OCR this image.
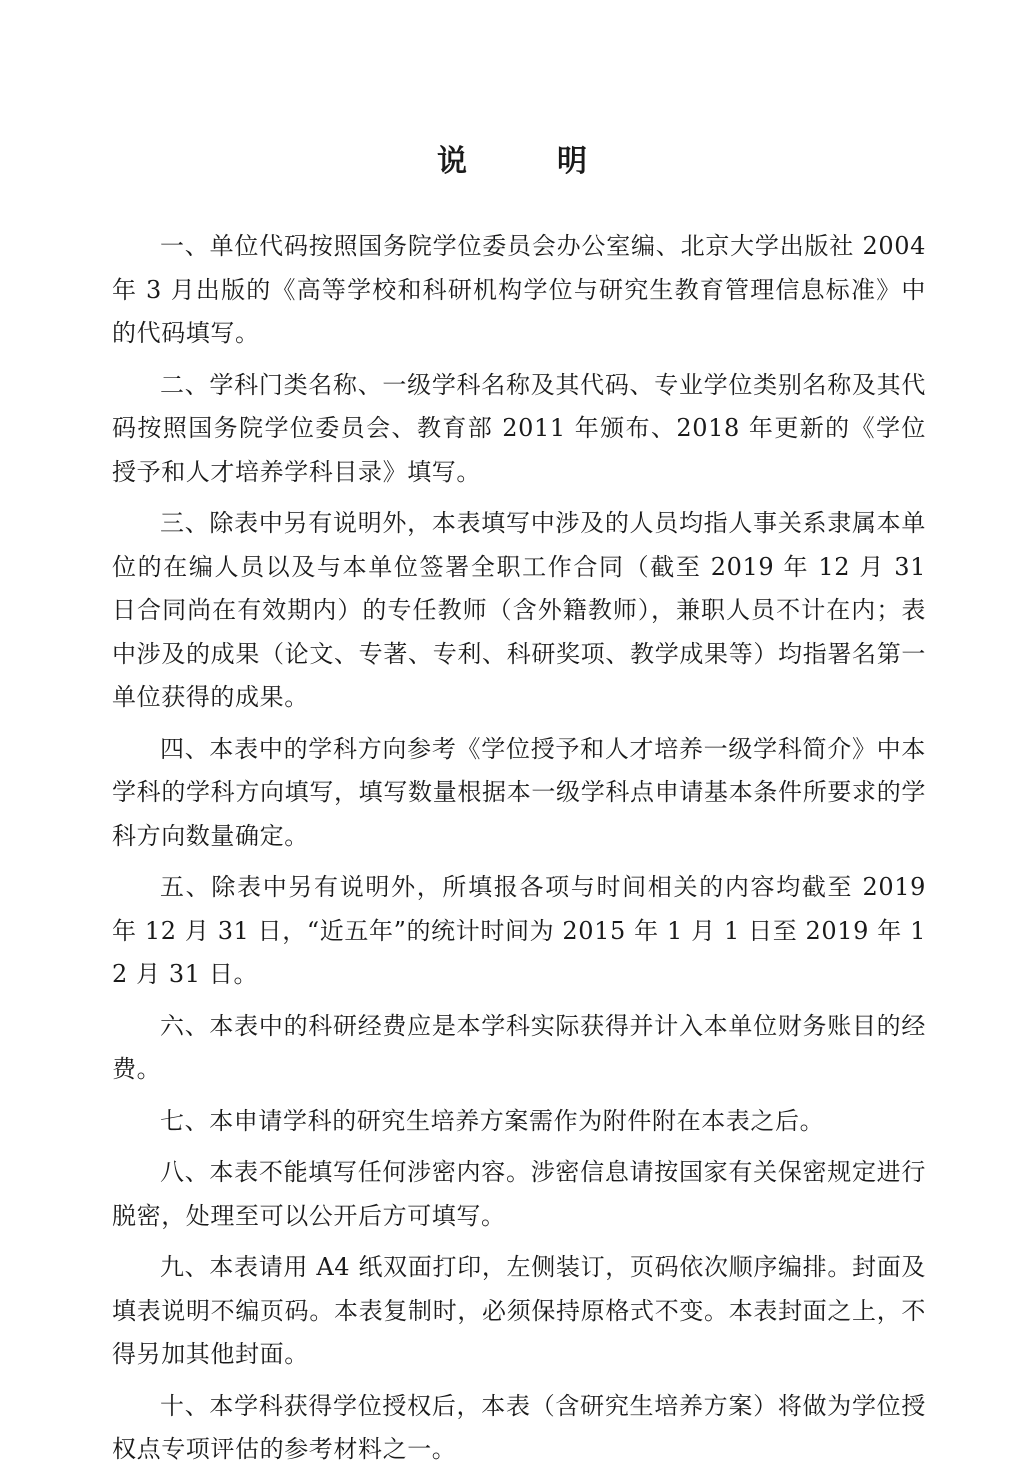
说　明

一、单位代码按照国务院学位委员会办公室编、北京大学出版社 2004 年 3 月出版的《高等学校和科研机构学位与研究生教育管理信息标准》中的代码填写。

二、学科门类名称、一级学科名称及其代码、专业学位类别名称及其代码按照国务院学位委员会、教育部 2011 年颁布、2018 年更新的《学位授予和人才培养学科目录》填写。

三、除表中另有说明外，本表填写中涉及的人员均指人事关系隶属本单位的在编人员以及与本单位签署全职工作合同（截至 2019 年 12 月 31 日合同尚在有效期内）的专任教师（含外籍教师），兼职人员不计在内；表中涉及的成果（论文、专著、专利、科研奖项、教学成果等）均指署名第一单位获得的成果。

四、本表中的学科方向参考《学位授予和人才培养一级学科简介》中本学科的学科方向填写，填写数量根据本一级学科点申请基本条件所要求的学科方向数量确定。

五、除表中另有说明外，所填报各项与时间相关的内容均截至 2019 年 12 月 31 日，“近五年”的统计时间为 2015 年 1 月 1 日至 2019 年 12 月 31 日。

六、本表中的科研经费应是本学科实际获得并计入本单位财务账目的经费。

七、本申请学科的研究生培养方案需作为附件附在本表之后。

八、本表不能填写任何涉密内容。涉密信息请按国家有关保密规定进行脱密，处理至可以公开后方可填写。

九、本表请用 A4 纸双面打印，左侧装订，页码依次顺序编排。封面及填表说明不编页码。本表复制时，必须保持原格式不变。本表封面之上，不得另加其他封面。

十、本学科获得学位授权后，本表（含研究生培养方案）将做为学位授权点专项评估的参考材料之一。
